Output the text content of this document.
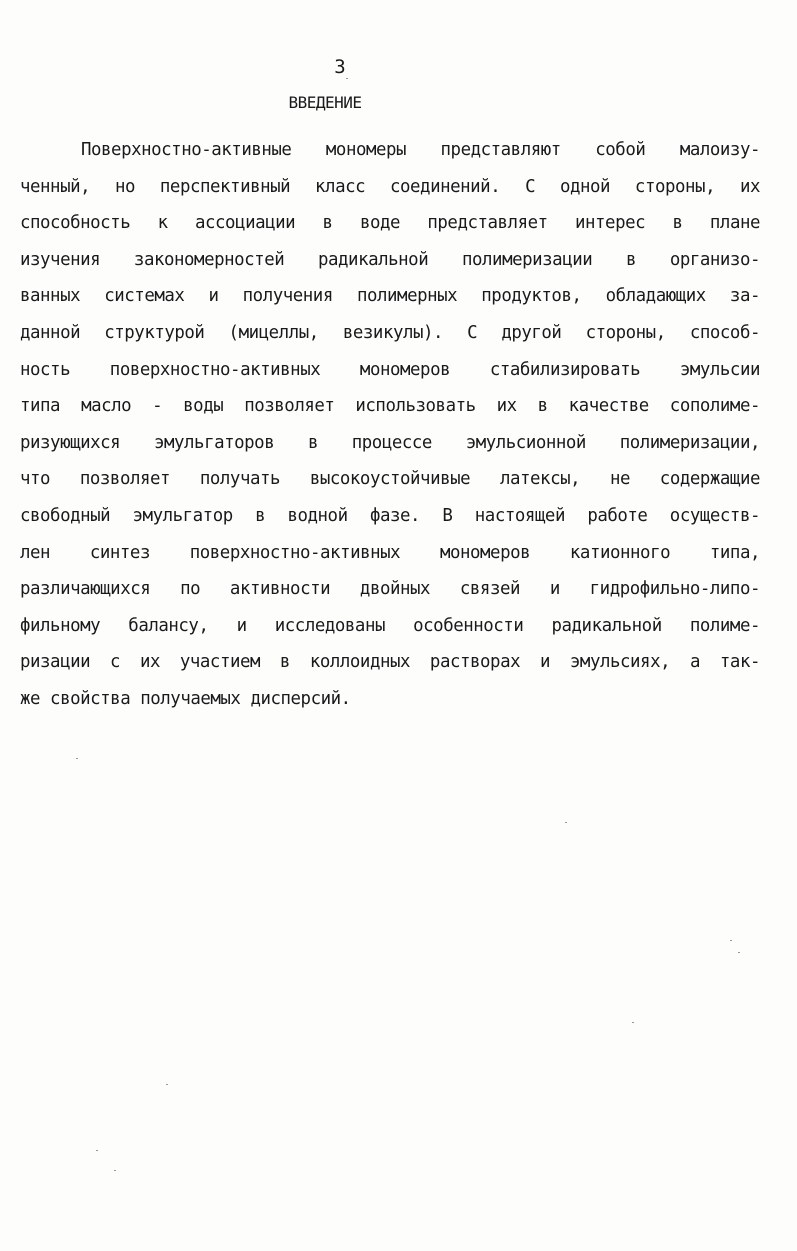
3
ВВЕДЕНИЕ
Поверхностно-активные мономеры представляют собой малоизу-
ченный, но перспективный класс соединений. С одной стороны, их
способность к ассоциации в воде представляет интерес в плане
изучения закономерностей радикальной полимеризации в организо-
ванных системах и получения полимерных продуктов, обладающих за-
данной структурой (мицеллы, везикулы). С другой стороны, способ-
ность поверхностно-активных мономеров стабилизировать эмульсии
типа масло - воды позволяет использовать их в качестве сополиме-
ризующихся эмульгаторов в процессе эмульсионной полимеризации,
что позволяет получать высокоустойчивые латексы, не содержащие
свободный эмульгатор в водной фазе. В настоящей работе осуществ-
лен синтез поверхностно-активных мономеров катионного типа,
различающихся по активности двойных связей и гидрофильно-липо-
фильному балансу, и исследованы особенности радикальной полиме-
ризации с их участием в коллоидных растворах и эмульсиях, а так-
же свойства получаемых дисперсий.
